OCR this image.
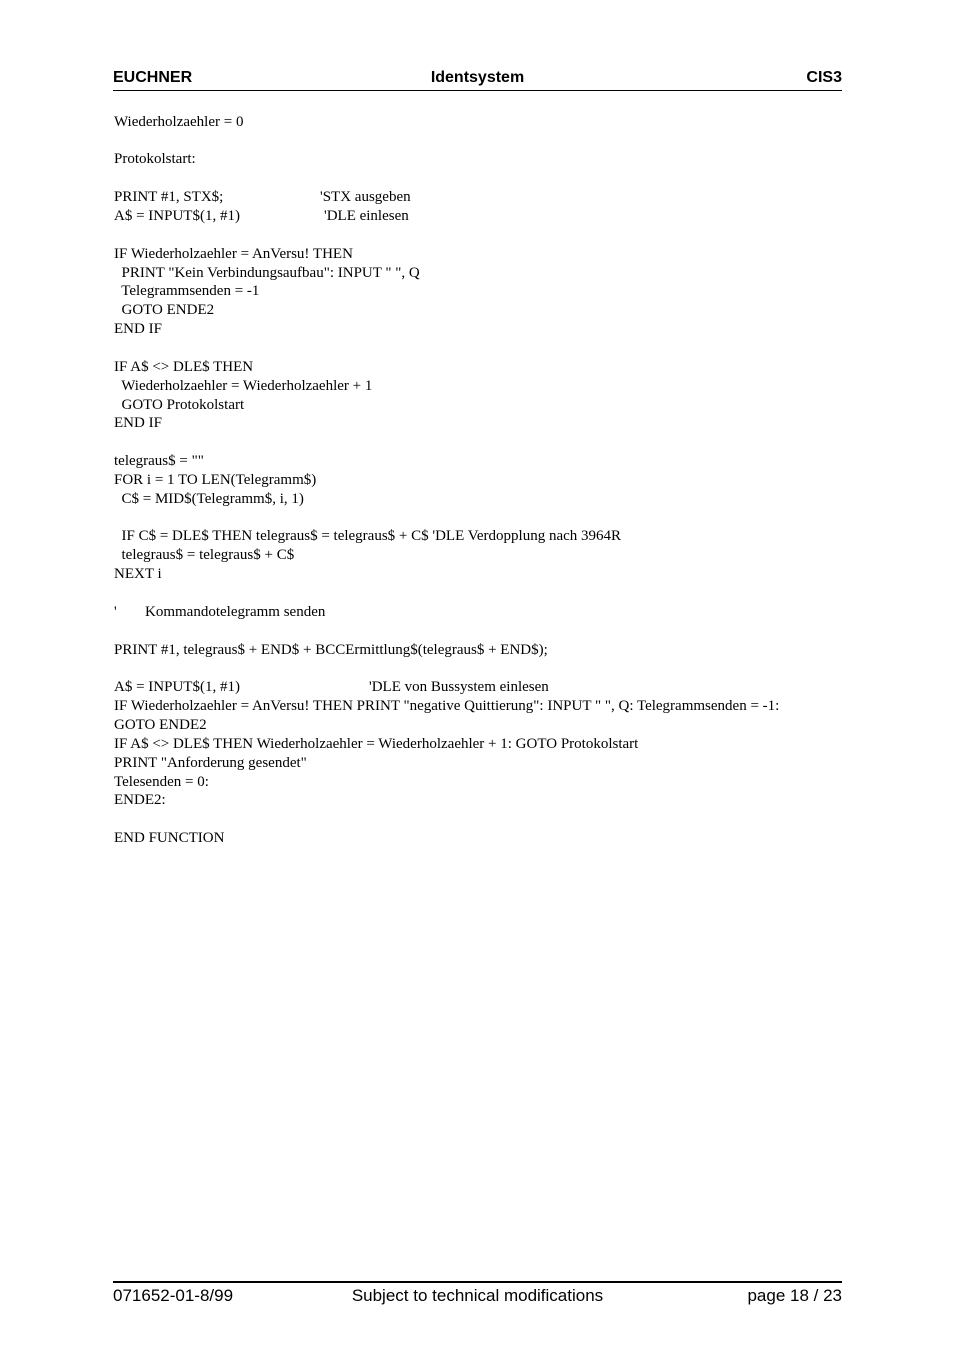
EUCHNER	Identsystem	CIS3

Wiederholzaehler = 0

Protokolstart:

PRINT #1, STX$;

	'STX ausgeben

A$ = INPUT$(1, #1)

	'DLE einlesen

IF Wiederholzaehler = AnVersu! THEN

PRINT "Kein Verbindungsaufbau": INPUT " ", Q

Telegrammsenden = -1

GOTO ENDE2

END IF

IF A$ <> DLE$ THEN

Wiederholzaehler = Wiederholzaehler + 1

GOTO Protokolstart

END IF

telegraus$ = ""

FOR i = 1 TO LEN(Telegramm$)

C$ = MID$(Telegramm$, i, 1)

IF C$ = DLE$ THEN telegraus$ = telegraus$ + C$ 'DLE Verdopplung nach 3964R

telegraus$ = telegraus$ + C$

NEXT i

'

Kommandotelegramm senden

PRINT #1, telegraus$ + END$ + BCCErmittlung$(telegraus$ + END$);

A$ = INPUT$(1, #1)

	'DLE von Bussystem einlesen

IF Wiederholzaehler = AnVersu! THEN PRINT "negative Quittierung": INPUT " ", Q: Telegrammsenden = -1:

GOTO ENDE2

IF A$ <> DLE$ THEN Wiederholzaehler = Wiederholzaehler + 1: GOTO Protokolstart

PRINT "Anforderung gesendet"

Telesenden = 0:

ENDE2:

END FUNCTION

071652-01-8/99	Subject to technical modifications	page 18 / 23
